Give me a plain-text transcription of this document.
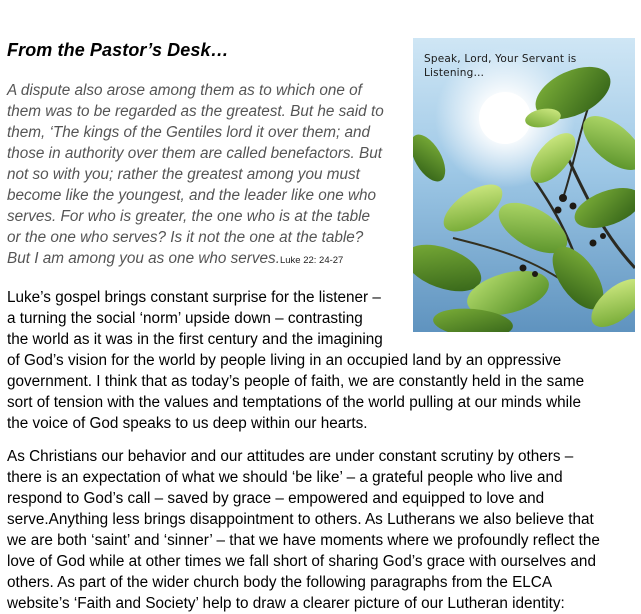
From the Pastor’s Desk…	Speak, Lord, Your Servant is
Listening…
A dispute also arose among them as to which one of
them was to be regarded as the greatest. But he said to
them, ‘The kings of the Gentiles lord it over them; and
those in authority over them are called benefactors. But
not so with you; rather the greatest among you must
become like the youngest, and the leader like one who
serves. For who is greater, the one who is at the table
or the one who serves? Is it not the one at the table?
But I am among you as one who serves.Luke 22: 24-27
Luke’s gospel brings constant surprise for the listener –
a turning the social ‘norm’ upside down – contrasting
the world as it was in the first century and the imagining
of God’s vision for the world by people living in an occupied land by an oppressive
government. I think that as today’s people of faith, we are constantly held in the same
sort of tension with the values and temptations of the world pulling at our minds while
the voice of God speaks to us deep within our hearts.
As Christians our behavior and our attitudes are under constant scrutiny by others –
there is an expectation of what we should ‘be like’ – a grateful people who live and
respond to God’s call – saved by grace – empowered and equipped to love and
serve.Anything less brings disappointment to others. As Lutherans we also believe that
we are both ‘saint’ and ‘sinner’ – that we have moments where we profoundly reflect the
love of God while at other times we fall short of sharing God’s grace with ourselves and
others. As part of the wider church body the following paragraphs from the ELCA
website’s ‘Faith and Society’ help to draw a clearer picture of our Lutheran identity:
